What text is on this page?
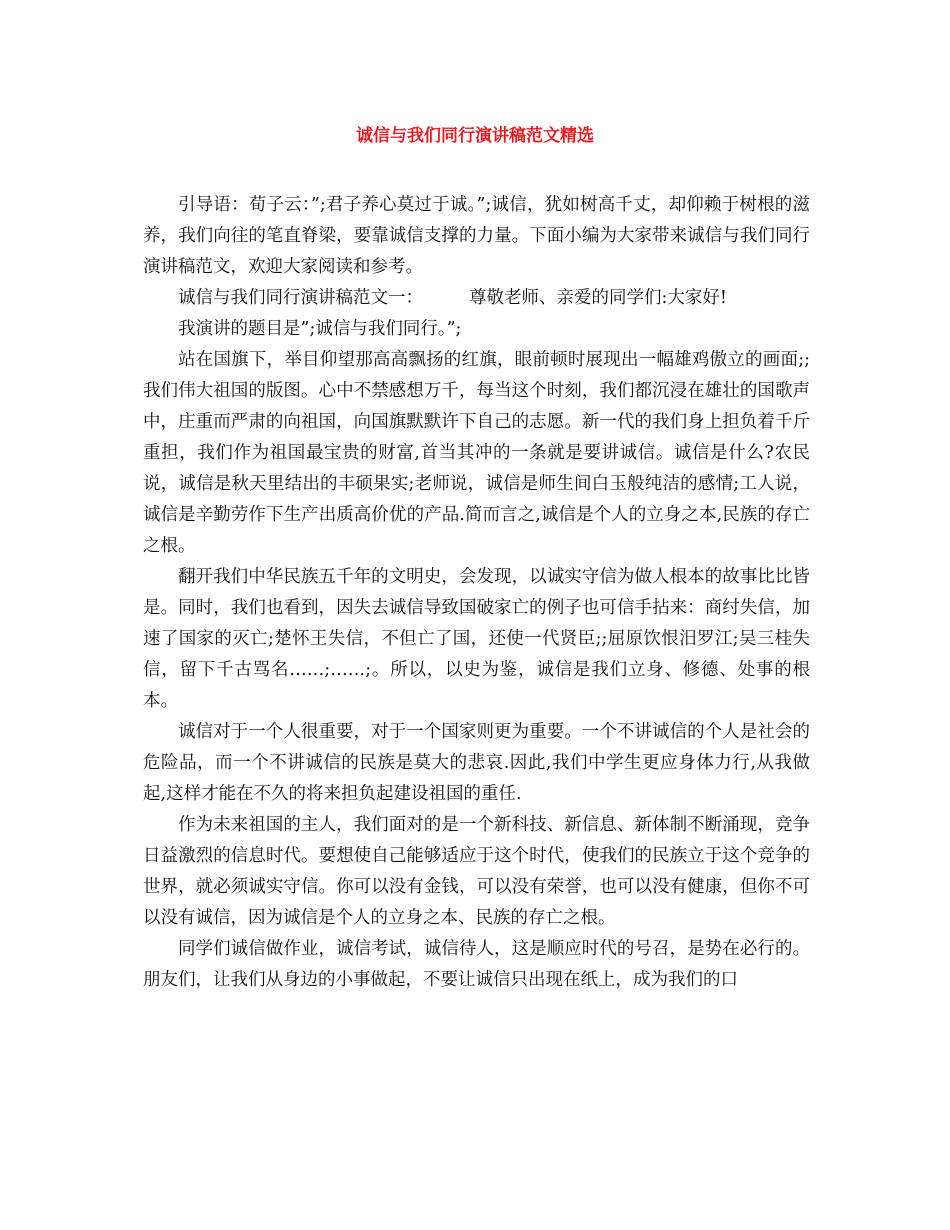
诚信与我们同行演讲稿范文精选

引导语：荀子云：”;君子养心莫过于诚。”;诚信，犹如树高千丈，却仰赖于树根的滋养，我们向往的笔直脊梁，要靠诚信支撑的力量。下面小编为大家带来诚信与我们同行演讲稿范文，欢迎大家阅读和参考。

诚信与我们同行演讲稿范文一：	尊敬老师、亲爱的同学们:大家好!

我演讲的题目是”;诚信与我们同行。”;

站在国旗下，举目仰望那高高飘扬的红旗，眼前顿时展现出一幅雄鸡傲立的画面;;我们伟大祖国的版图。心中不禁感想万千，每当这个时刻，我们都沉浸在雄壮的国歌声中，庄重而严肃的向祖国，向国旗默默许下自己的志愿。新一代的我们身上担负着千斤重担，我们作为祖国最宝贵的财富,首当其冲的一条就是要讲诚信。诚信是什么?农民说，诚信是秋天里结出的丰硕果实;老师说，诚信是师生间白玉般纯洁的感情;工人说，诚信是辛勤劳作下生产出质高价优的产品.简而言之,诚信是个人的立身之本,民族的存亡之根。

翻开我们中华民族五千年的文明史，会发现，以诚实守信为做人根本的故事比比皆是。同时，我们也看到，因失去诚信导致国破家亡的例子也可信手拈来：商纣失信，加速了国家的灭亡;楚怀王失信，不但亡了国，还使一代贤臣;;屈原饮恨汨罗江;吴三桂失信，留下千古骂名……;……;。所以，以史为鉴，诚信是我们立身、修德、处事的根本。

诚信对于一个人很重要，对于一个国家则更为重要。一个不讲诚信的个人是社会的危险品，而一个不讲诚信的民族是莫大的悲哀.因此,我们中学生更应身体力行,从我做起,这样才能在不久的将来担负起建设祖国的重任.

作为未来祖国的主人，我们面对的是一个新科技、新信息、新体制不断涌现，竞争日益激烈的信息时代。要想使自己能够适应于这个时代，使我们的民族立于这个竞争的世界，就必须诚实守信。你可以没有金钱，可以没有荣誉，也可以没有健康，但你不可以没有诚信，因为诚信是个人的立身之本、民族的存亡之根。

同学们诚信做作业，诚信考试，诚信待人，这是顺应时代的号召，是势在必行的。朋友们，让我们从身边的小事做起，不要让诚信只出现在纸上，成为我们的口
